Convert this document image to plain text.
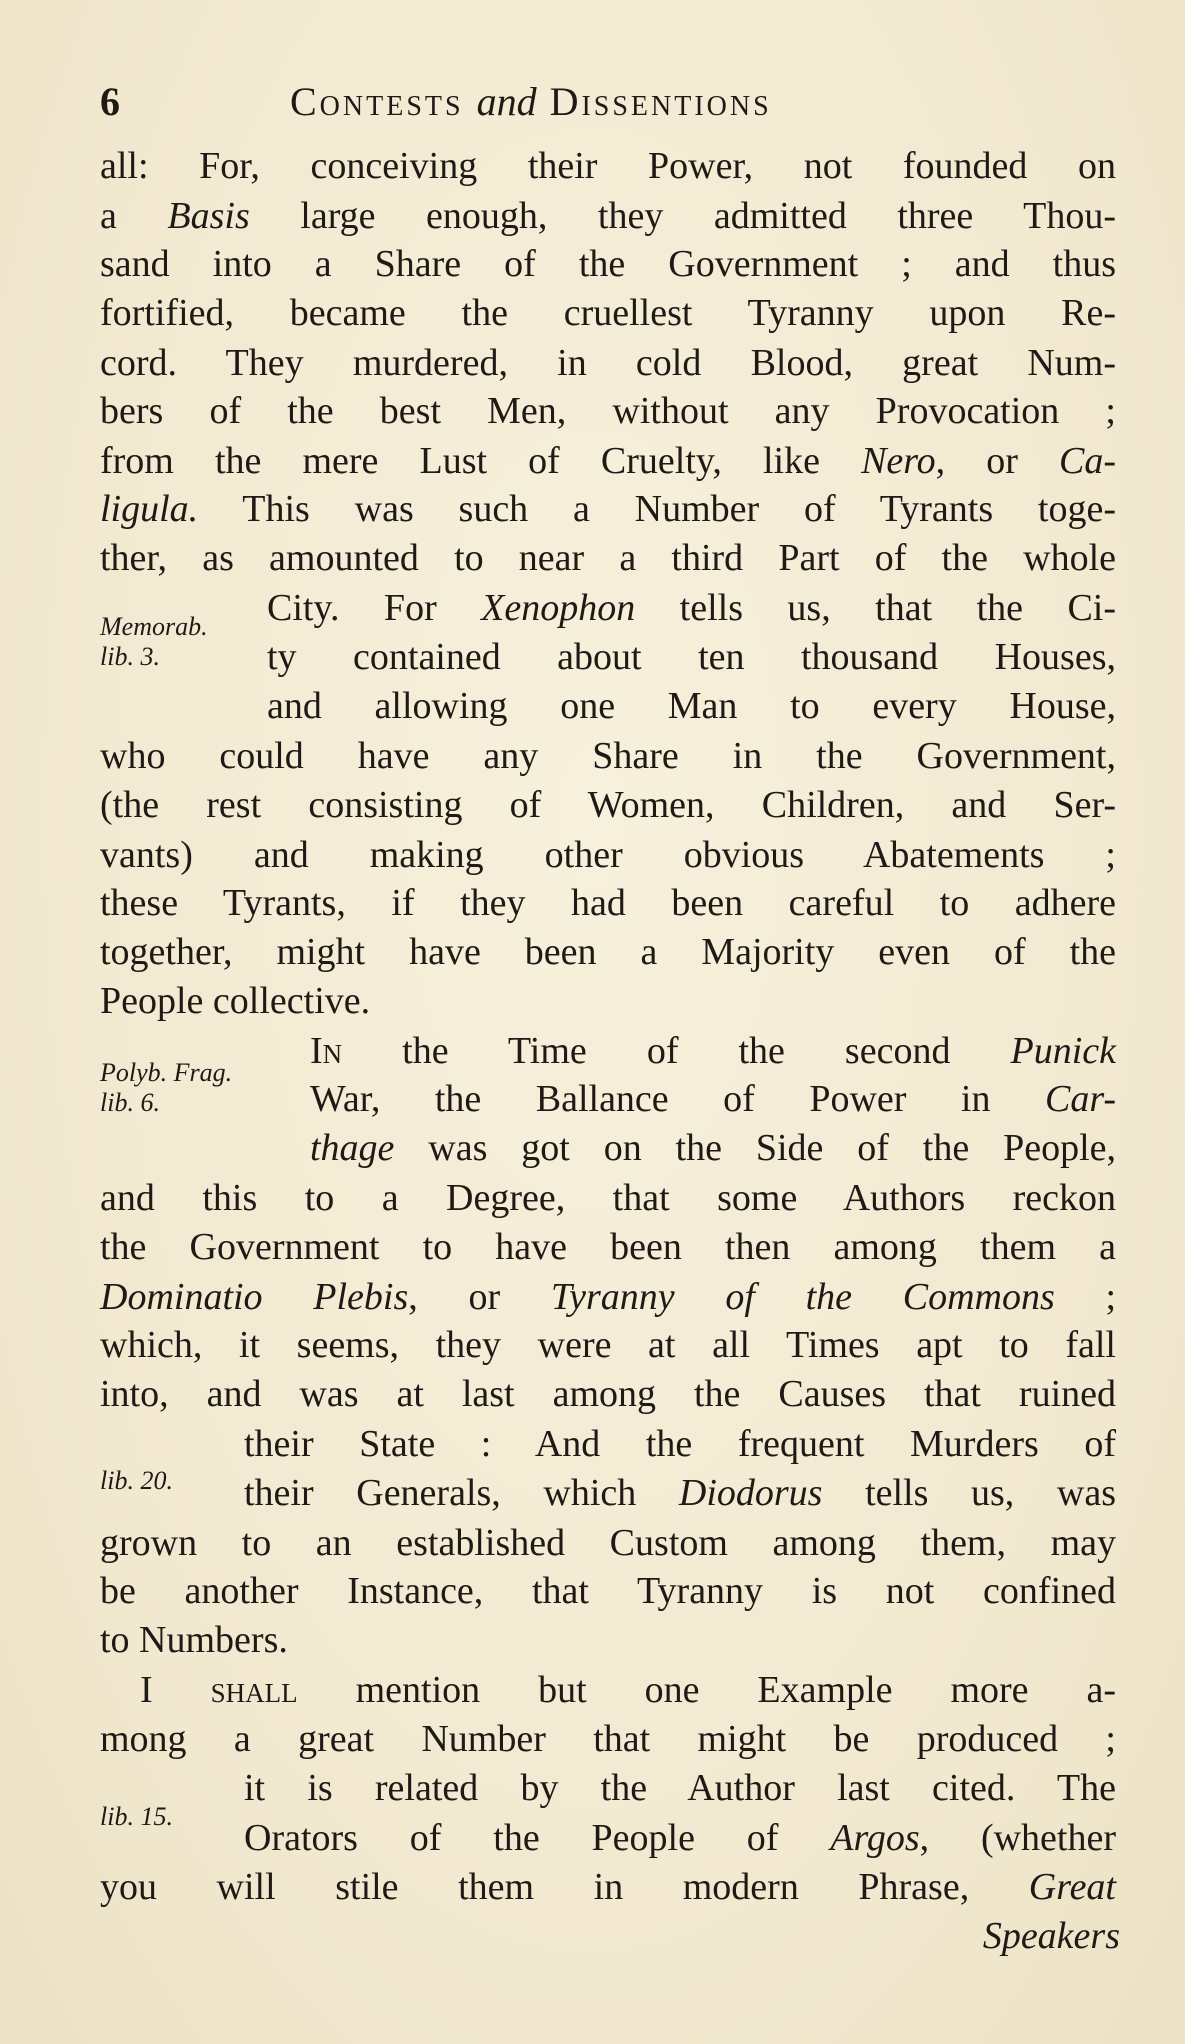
6	Contests and Dissentions
all: For, conceiving their Power, not founded on
a Basis large enough, they admitted three Thou-
sand into a Share of the Government ; and thus
fortified, became the cruellest Tyranny upon Re-
cord. They murdered, in cold Blood, great Num-
bers of the best Men, without any Provocation ;
from the mere Lust of Cruelty, like Nero, or Ca-
ligula. This was such a Number of Tyrants toge-
ther, as amounted to near a third Part of the whole
City. For Xenophon tells us, that the Ci-
ty contained about ten thousand Houses,
and allowing one Man to every House,
who could have any Share in the Government,
(the rest consisting of Women, Children, and Ser-
vants) and making other obvious Abatements ;
these Tyrants, if they had been careful to adhere
together, might have been a Majority even of the
People collective.
In the Time of the second Punick
War, the Ballance of Power in Car-
thage was got on the Side of the People,
and this to a Degree, that some Authors reckon
the Government to have been then among them a
Dominatio Plebis, or Tyranny of the Commons ;
which, it seems, they were at all Times apt to fall
into, and was at last among the Causes that ruined
their State : And the frequent Murders of
their Generals, which Diodorus tells us, was
grown to an established Custom among them, may
be another Instance, that Tyranny is not confined
to Numbers.
I shall mention but one Example more a-
mong a great Number that might be produced ;
it is related by the Author last cited. The
Orators of the People of Argos, (whether
you will stile them in modern Phrase, Great
Speakers
Memorab.
lib. 3.
Polyb. Frag.
lib. 6.
lib. 20.
lib. 15.
